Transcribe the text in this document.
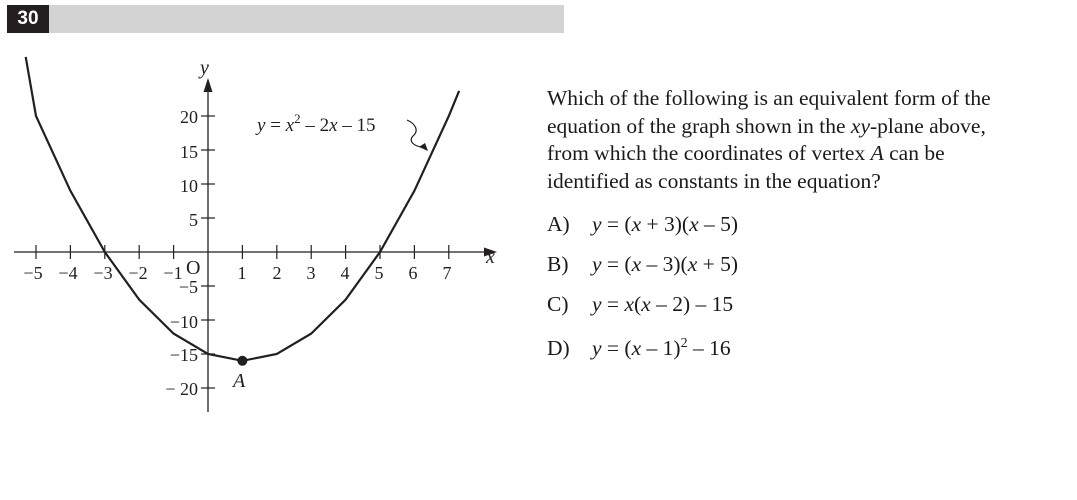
30
y
x
O
−5 −4 −3 −2 −1	1 2 3 4 5 6 7
20
15
10
5
−5
−10
−15
− 20 A
$y = x^2 - 2x - 15$
Which of the following is an equivalent form of the
equation of the graph shown in the xy-plane above,
from which the coordinates of vertex A can be
identified as constants in the equation?
A) y = (x + 3)(x – 5)
B) y = (x – 3)(x + 5)
C) y = x(x – 2) – 15
D) y = (x – 1)$^2$ – 16
